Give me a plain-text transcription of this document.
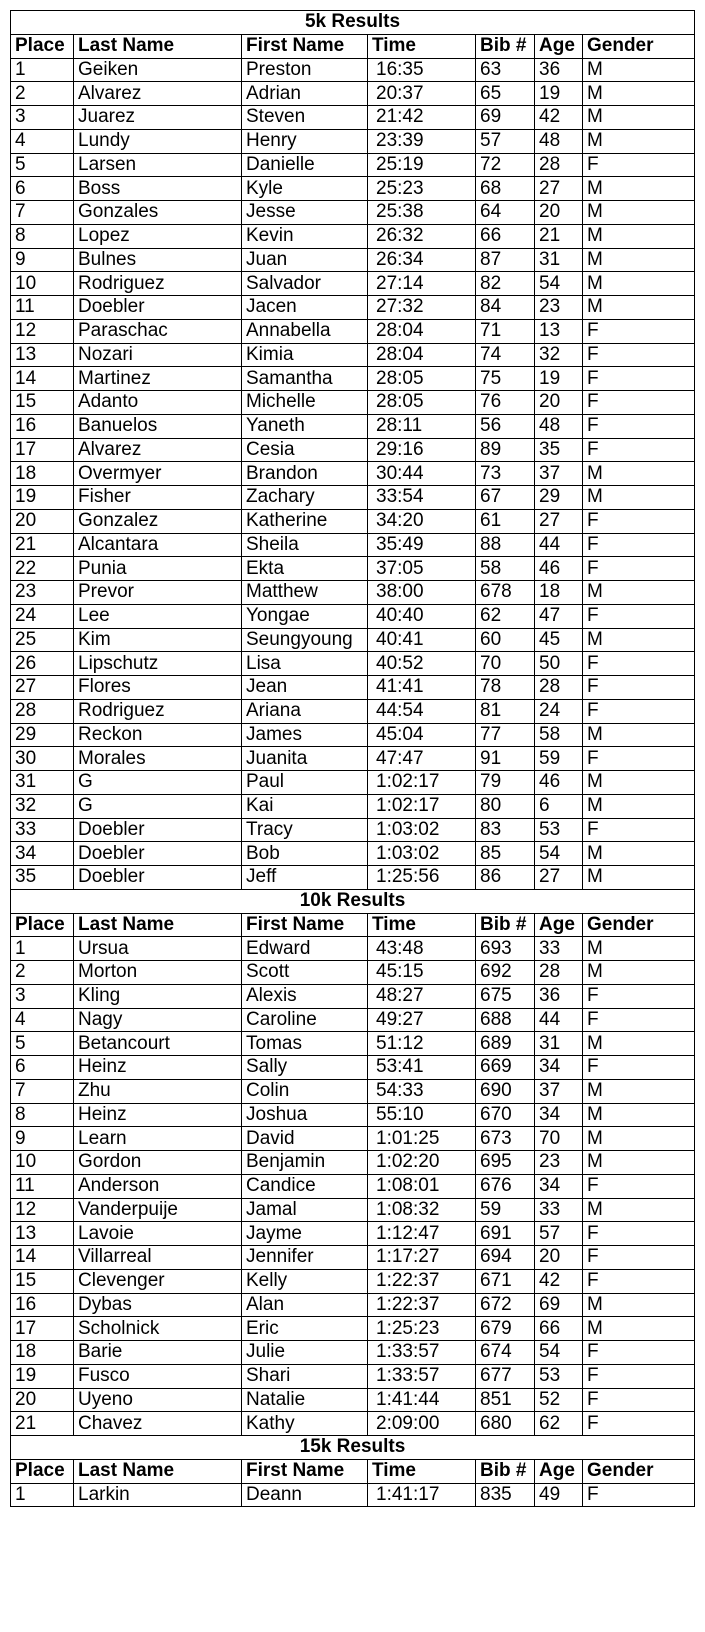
5k Results						
Place	Last Name	First Name	Time	Bib #	Age	Gender
1	Geiken	Preston	16:35	63	36	M
2	Alvarez	Adrian	20:37	65	19	M
3	Juarez	Steven	21:42	69	42	M
4	Lundy	Henry	23:39	57	48	M
5	Larsen	Danielle	25:19	72	28	F
6	Boss	Kyle	25:23	68	27	M
7	Gonzales	Jesse	25:38	64	20	M
8	Lopez	Kevin	26:32	66	21	M
9	Bulnes	Juan	26:34	87	31	M
10	Rodriguez	Salvador	27:14	82	54	M
11	Doebler	Jacen	27:32	84	23	M
12	Paraschac	Annabella	28:04	71	13	F
13	Nozari	Kimia	28:04	74	32	F
14	Martinez	Samantha	28:05	75	19	F
15	Adanto	Michelle	28:05	76	20	F
16	Banuelos	Yaneth	28:11	56	48	F
17	Alvarez	Cesia	29:16	89	35	F
18	Overmyer	Brandon	30:44	73	37	M
19	Fisher	Zachary	33:54	67	29	M
20	Gonzalez	Katherine	34:20	61	27	F
21	Alcantara	Sheila	35:49	88	44	F
22	Punia	Ekta	37:05	58	46	F
23	Prevor	Matthew	38:00	678	18	M
24	Lee	Yongae	40:40	62	47	F
25	Kim	Seungyoung	40:41	60	45	M
26	Lipschutz	Lisa	40:52	70	50	F
27	Flores	Jean	41:41	78	28	F
28	Rodriguez	Ariana	44:54	81	24	F
29	Reckon	James	45:04	77	58	M
30	Morales	Juanita	47:47	91	59	F
31	G	Paul	1:02:17	79	46	M
32	G	Kai	1:02:17	80	6	M
33	Doebler	Tracy	1:03:02	83	53	F
34	Doebler	Bob	1:03:02	85	54	M
35	Doebler	Jeff	1:25:56	86	27	M
10k Results						
Place	Last Name	First Name	Time	Bib #	Age	Gender
1	Ursua	Edward	43:48	693	33	M
2	Morton	Scott	45:15	692	28	M
3	Kling	Alexis	48:27	675	36	F
4	Nagy	Caroline	49:27	688	44	F
5	Betancourt	Tomas	51:12	689	31	M
6	Heinz	Sally	53:41	669	34	F
7	Zhu	Colin	54:33	690	37	M
8	Heinz	Joshua	55:10	670	34	M
9	Learn	David	1:01:25	673	70	M
10	Gordon	Benjamin	1:02:20	695	23	M
11	Anderson	Candice	1:08:01	676	34	F
12	Vanderpuije	Jamal	1:08:32	59	33	M
13	Lavoie	Jayme	1:12:47	691	57	F
14	Villarreal	Jennifer	1:17:27	694	20	F
15	Clevenger	Kelly	1:22:37	671	42	F
16	Dybas	Alan	1:22:37	672	69	M
17	Scholnick	Eric	1:25:23	679	66	M
18	Barie	Julie	1:33:57	674	54	F
19	Fusco	Shari	1:33:57	677	53	F
20	Uyeno	Natalie	1:41:44	851	52	F
21	Chavez	Kathy	2:09:00	680	62	F
15k Results						
Place	Last Name	First Name	Time	Bib #	Age	Gender
1	Larkin	Deann	1:41:17	835	49	F
